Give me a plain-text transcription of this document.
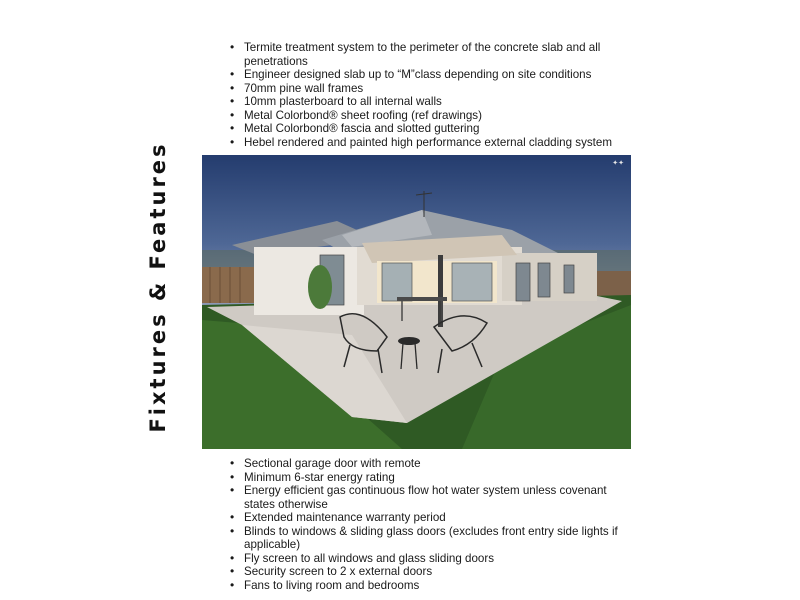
Fixtures & Features
• Termite treatment system to the perimeter of the concrete slab and all penetrations
• Engineer designed slab up to “M”class depending on site conditions
• 70mm pine wall frames
• 10mm plasterboard to all internal walls
• Metal Colorbond® sheet roofing (ref drawings)
• Metal Colorbond® fascia and slotted guttering
• Hebel rendered and painted high performance external cladding system
✦✦
• Sectional garage door with remote
• Minimum 6-star energy rating
• Energy efficient gas continuous flow hot water system unless covenant states otherwise
• Extended maintenance warranty period
• Blinds to windows & sliding glass doors (excludes front entry side lights if applicable)
• Fly screen to all windows and glass sliding doors
• Security screen to 2 x external doors
• Fans to living room and bedrooms
